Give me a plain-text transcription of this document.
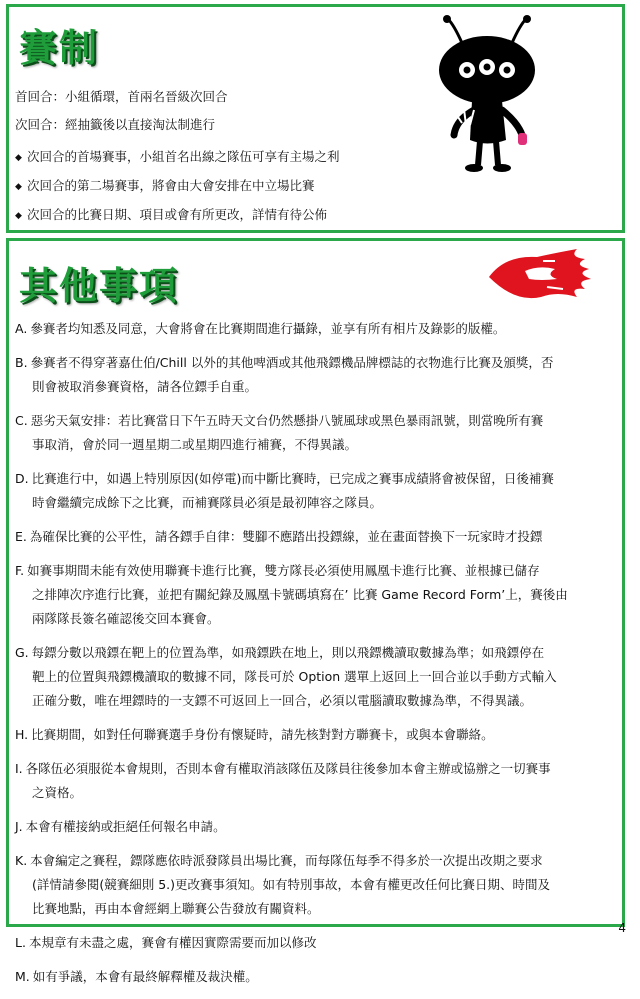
賽制
首回合：小組循環，首兩名晉級次回合
次回合：經抽籤後以直接淘汰制進行
◆ 次回合的首場賽事，小組首名出線之隊伍可享有主場之利
◆ 次回合的第二場賽事，將會由大會安排在中立場比賽
◆ 次回合的比賽日期、項目或會有所更改，詳情有待公佈
其他事項
A. 參賽者均知悉及同意，大會將會在比賽期間進行攝錄，並享有所有相片及錄影的版權。
B. 參賽者不得穿著嘉仕伯/Chill 以外的其他啤酒或其他飛鏢機品牌標誌的衣物進行比賽及頒獎，否
則會被取消參賽資格，請各位鏢手自重。
C. 惡劣天氣安排：若比賽當日下午五時天文台仍然懸掛八號風球或黑色暴雨訊號，則當晚所有賽
事取消，會於同一週星期二或星期四進行補賽，不得異議。
D. 比賽進行中，如遇上特別原因(如停電)而中斷比賽時，已完成之賽事成績將會被保留，日後補賽
時會繼續完成餘下之比賽，而補賽隊員必須是最初陣容之隊員。
E. 為確保比賽的公平性，請各鏢手自律：雙腳不應踏出投鏢線，並在畫面替換下一玩家時才投鏢
F. 如賽事期間未能有效使用聯賽卡進行比賽，雙方隊長必須使用鳳凰卡進行比賽、並根據已儲存
之排陣次序進行比賽，並把有關紀錄及鳳凰卡號碼填寫在’ 比賽 Game Record Form’上，賽後由
兩隊隊長簽名確認後交回本賽會。
G. 每鏢分數以飛鏢在靶上的位置為準，如飛鏢跌在地上，則以飛鏢機讀取數據為準；如飛鏢停在
靶上的位置與飛鏢機讀取的數據不同，隊長可於 Option 選單上返回上一回合並以手動方式輸入
正確分數，唯在埋鏢時的一支鏢不可返回上一回合，必須以電腦讀取數據為準，不得異議。
H. 比賽期間，如對任何聯賽選手身份有懷疑時，請先核對對方聯賽卡，或與本會聯絡。
I. 各隊伍必須服從本會規則，否則本會有權取消該隊伍及隊員往後參加本會主辦或協辦之一切賽事
之資格。
J. 本會有權接納或拒絕任何報名申請。
K. 本會編定之賽程，鏢隊應依時派發隊員出場比賽，而每隊伍每季不得多於一次提出改期之要求
(詳情請參閱(競賽細則 5.)更改賽事須知。如有特別事故，本會有權更改任何比賽日期、時間及
比賽地點，再由本會經網上聯賽公告發放有關資料。
L. 本規章有未盡之處，賽會有權因實際需要而加以修改
M. 如有爭議，本會有最終解釋權及裁決權。
4
